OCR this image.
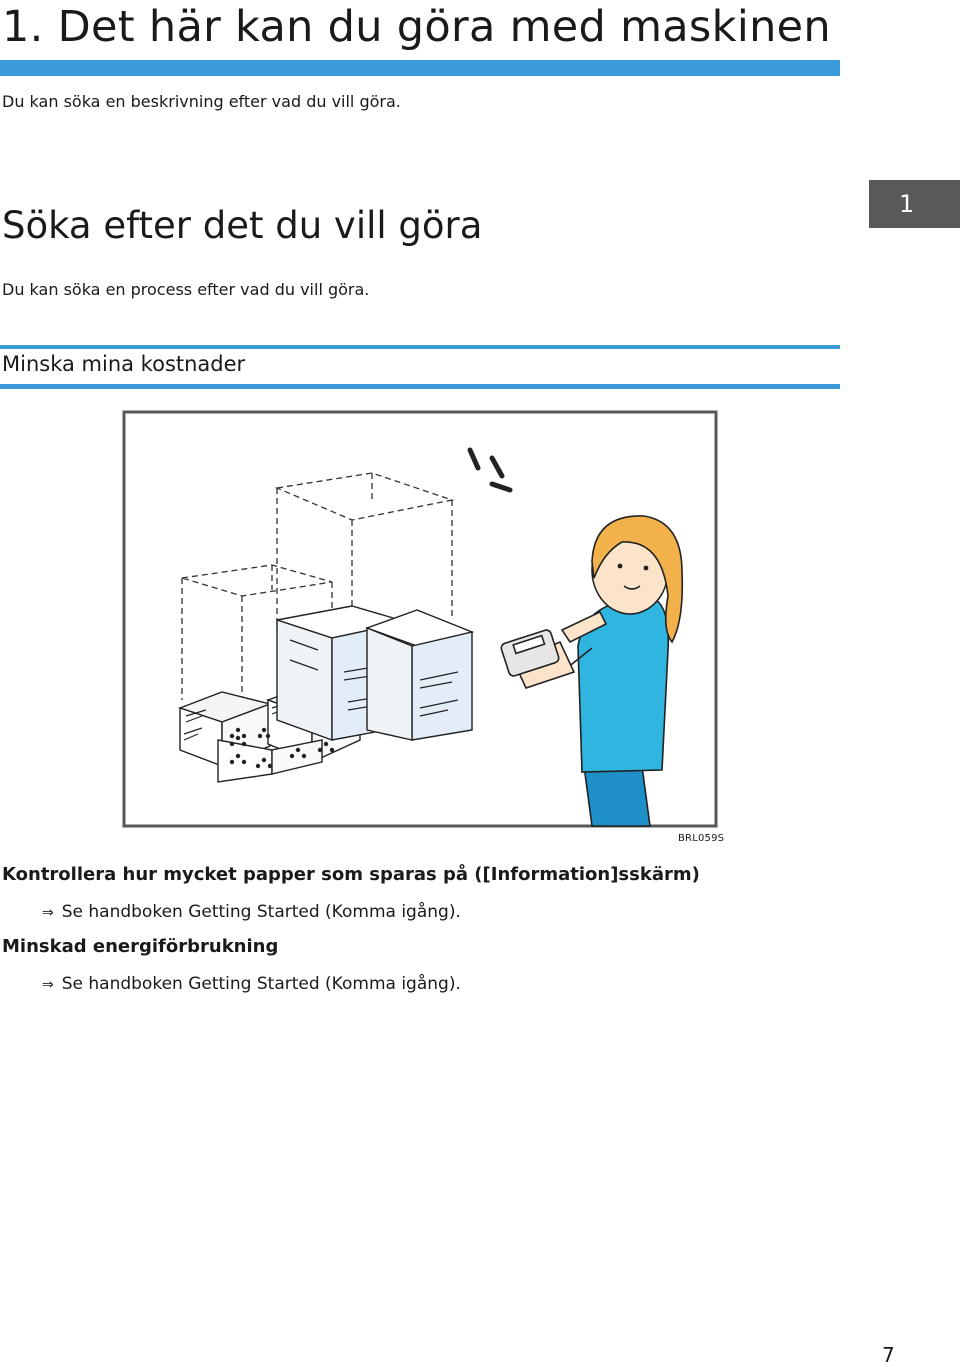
1. Det här kan du göra med maskinen
Du kan söka en beskrivning efter vad du vill göra.
Söka efter det du vill göra	1
Du kan söka en process efter vad du vill göra.
Minska mina kostnader
BRL059S
Kontrollera hur mycket papper som sparas på ([Information]sskärm)
⇒ Se handboken Getting Started (Komma igång).
Minskad energiförbrukning
⇒ Se handboken Getting Started (Komma igång).
7
